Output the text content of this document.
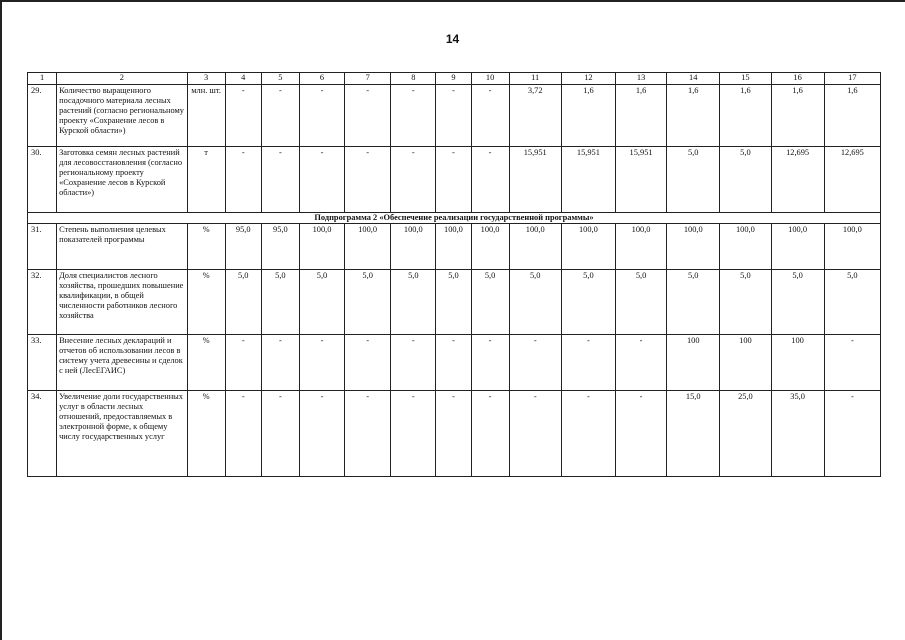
14
1	2	3	4	5	6	7	8	9	10	11	12	13	14	15	16	17
29.	Количество выращенного посадочного материала лесных растений (согласно региональному проекту «Сохранение лесов в Курской области»)	млн. шт.	-	-	-	-	-	-	-	3,72	1,6	1,6	1,6	1,6	1,6	1,6
30.	Заготовка семян лесных растений для лесовосстановления (согласно региональному проекту «Сохранение лесов в Курской области»)	т	-	-	-	-	-	-	-	15,951	15,951	15,951	5,0	5,0	12,695	12,695
Подпрограмма 2 «Обеспечение реализации государственной программы»																
31.	Степень выполнения целевых показателей программы	%	95,0	95,0	100,0	100,0	100,0	100,0	100,0	100,0	100,0	100,0	100,0	100,0	100,0	100,0
32.	Доля специалистов лесного хозяйства, прошедших повышение квалификации, в общей численности работников лесного хозяйства	%	5,0	5,0	5,0	5,0	5,0	5,0	5,0	5,0	5,0	5,0	5,0	5,0	5,0	5,0
33.	Внесение лесных деклараций и отчетов об использовании лесов в систему учета древесины и сделок с ней (ЛесЕГАИС)	%	-	-	-	-	-	-	-	-	-	-	100	100	100	-
34.	Увеличение доли государственных услуг в области лесных отношений, предоставляемых в электронной форме, к общему числу государственных услуг	%	-	-	-	-	-	-	-	-	-	-	15,0	25,0	35,0	-
